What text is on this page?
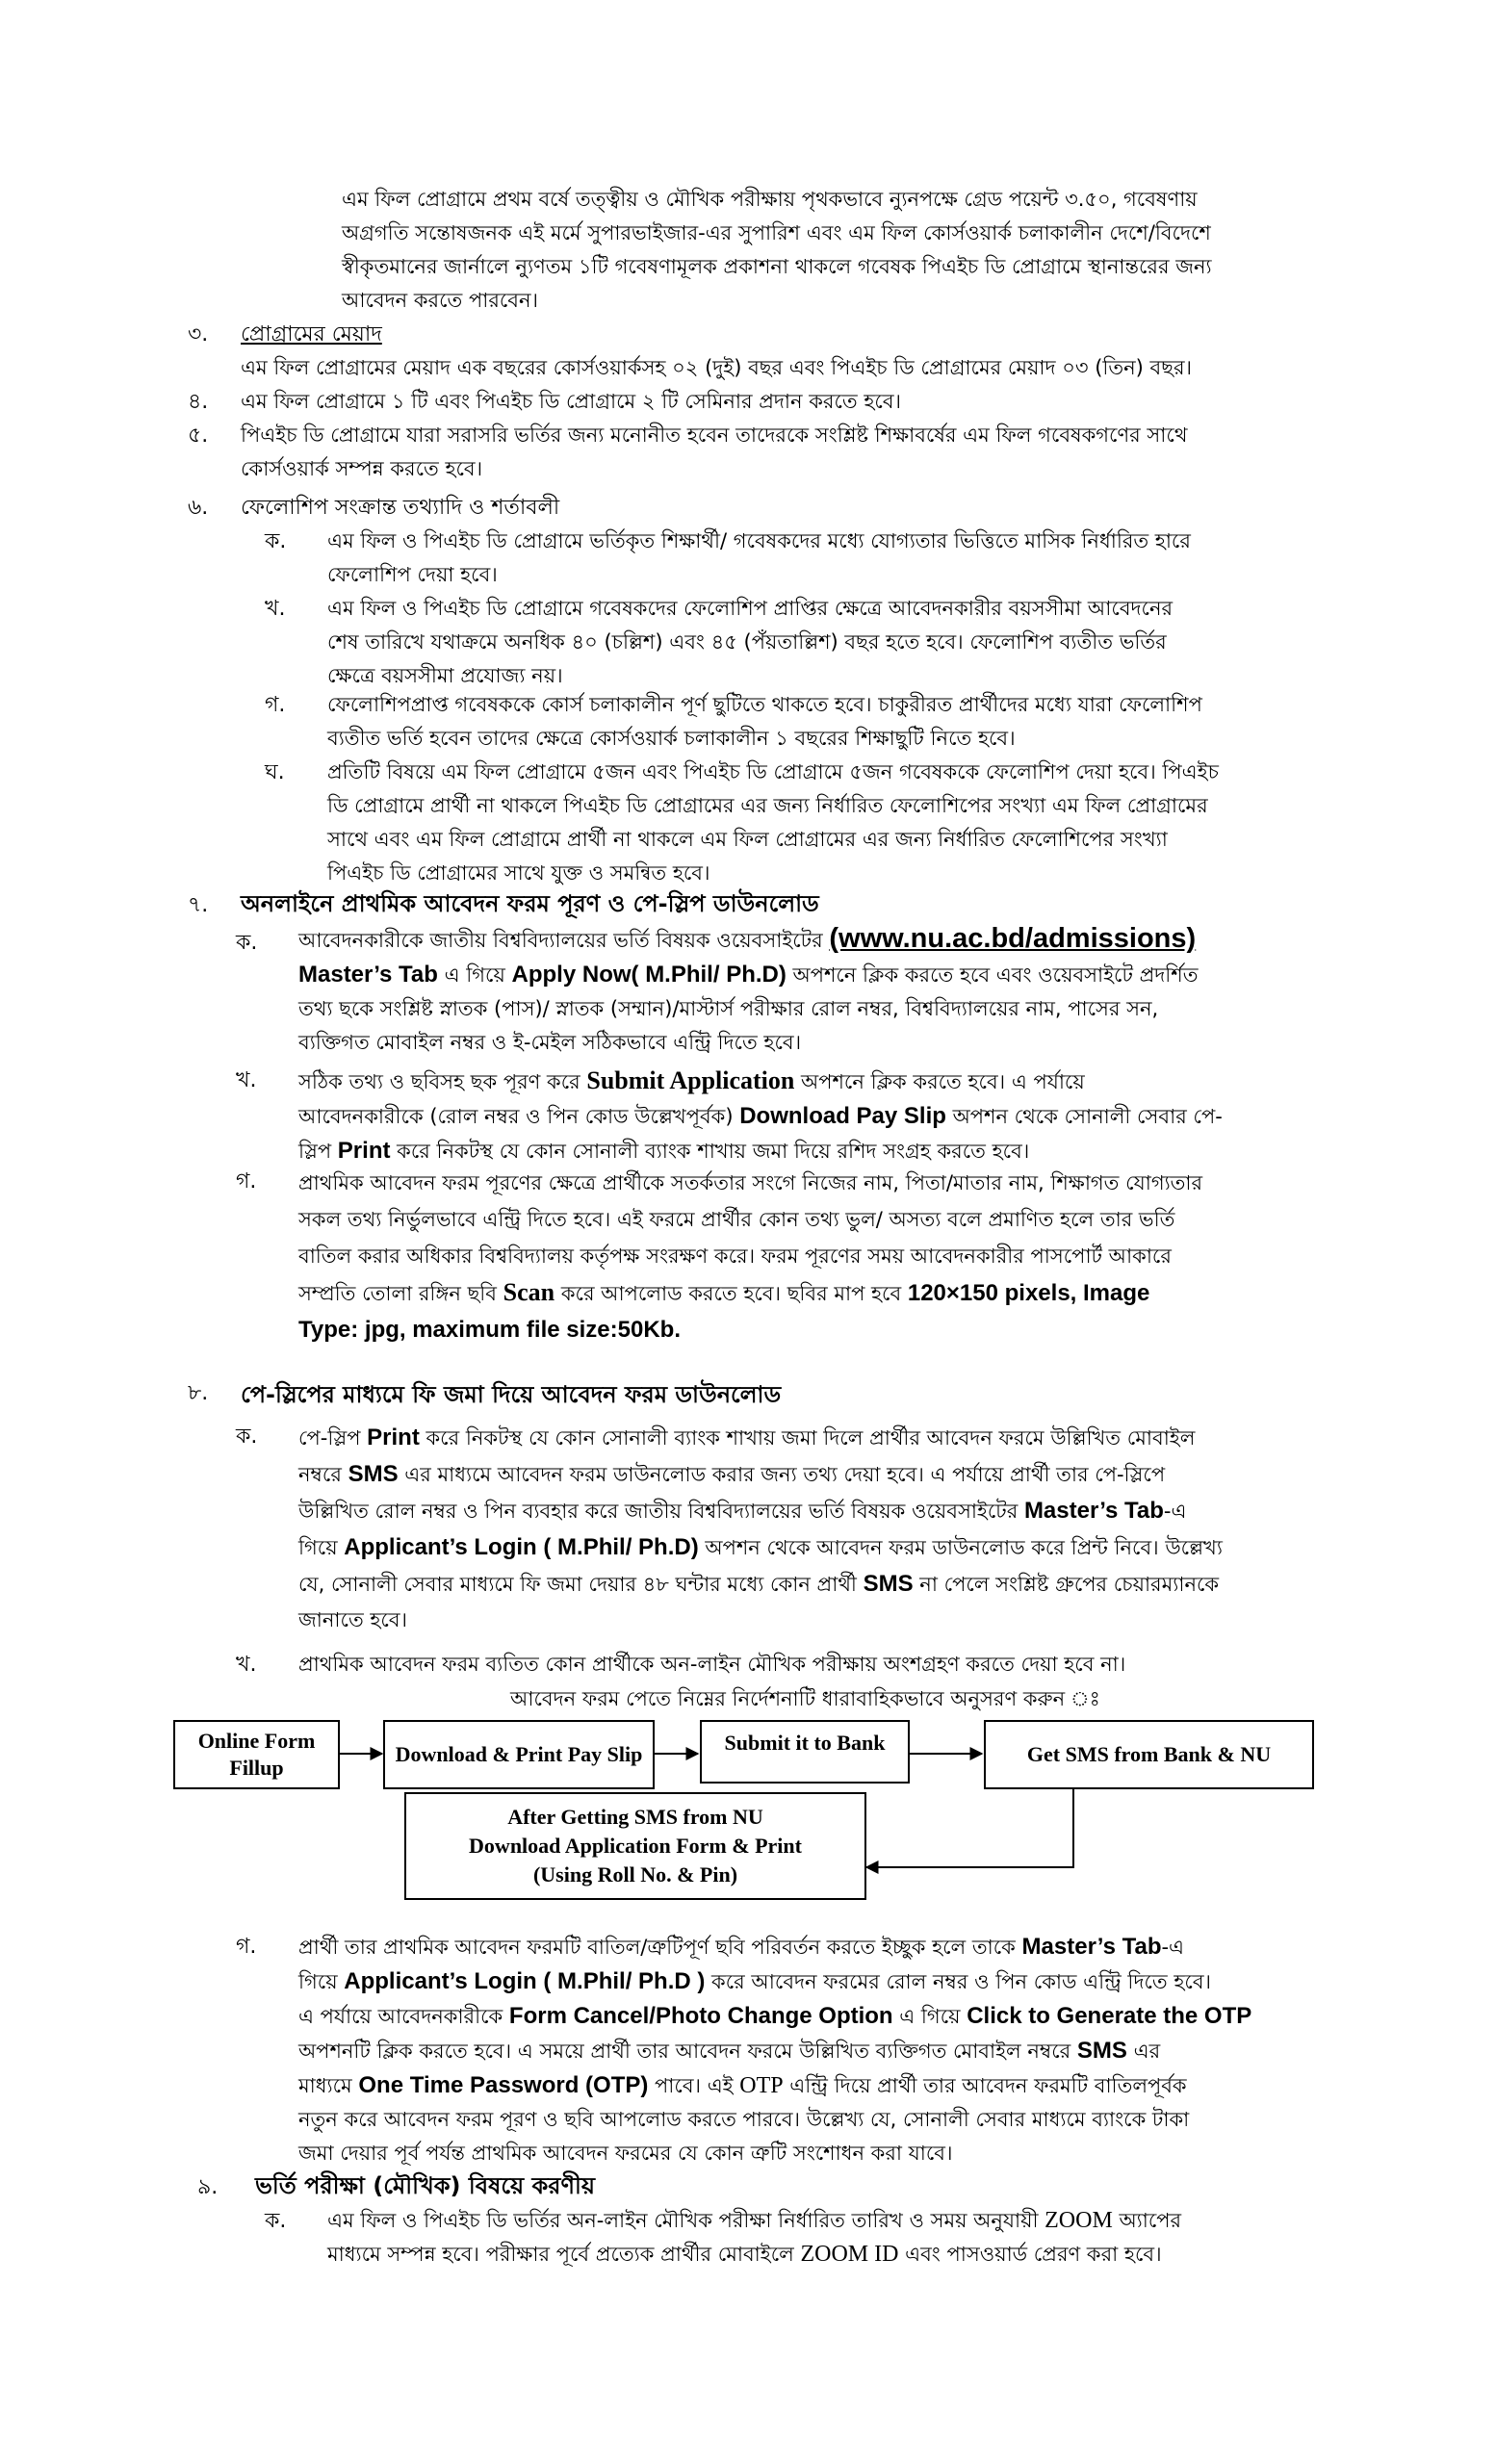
এম ফিল প্রোগ্রামে প্রথম বর্ষে তত্ত্বীয় ও মৌখিক পরীক্ষায় পৃথকভাবে ন্যুনপক্ষে গ্রেড পয়েন্ট ৩.৫০, গবেষণায়
অগ্রগতি সন্তোষজনক এই মর্মে সুপারভাইজার-এর সুপারিশ এবং এম ফিল কোর্সওয়ার্ক চলাকালীন দেশে/বিদেশে
স্বীকৃতমানের জার্নালে ন্যুণতম ১টি গবেষণামূলক প্রকাশনা থাকলে গবেষক পিএইচ ডি প্রোগ্রামে স্থানান্তরের জন্য
আবেদন করতে পারবেন।
৩. প্রোগ্রামের মেয়াদ
এম ফিল প্রোগ্রামের মেয়াদ এক বছরের কোর্সওয়ার্কসহ ০২ (দুই) বছর এবং পিএইচ ডি প্রোগ্রামের মেয়াদ ০৩ (তিন) বছর।
৪. এম ফিল প্রোগ্রামে ১ টি এবং পিএইচ ডি প্রোগ্রামে ২ টি সেমিনার প্রদান করতে হবে।
৫. পিএইচ ডি প্রোগ্রামে যারা সরাসরি ভর্তির জন্য মনোনীত হবেন তাদেরকে সংশ্লিষ্ট শিক্ষাবর্ষের এম ফিল গবেষকগণের সাথে
কোর্সওয়ার্ক সম্পন্ন করতে হবে।
৬. ফেলোশিপ সংক্রান্ত তথ্যাদি ও শর্তাবলী
ক. এম ফিল ও পিএইচ ডি প্রোগ্রামে ভর্তিকৃত শিক্ষার্থী/ গবেষকদের মধ্যে যোগ্যতার ভিত্তিতে মাসিক নির্ধারিত হারে
ফেলোশিপ দেয়া হবে।
খ. এম ফিল ও পিএইচ ডি প্রোগ্রামে গবেষকদের ফেলোশিপ প্রাপ্তির ক্ষেত্রে আবেদনকারীর বয়সসীমা আবেদনের
শেষ তারিখে যথাক্রমে অনধিক ৪০ (চল্লিশ) এবং ৪৫ (পঁয়তাল্লিশ) বছর হতে হবে। ফেলোশিপ ব্যতীত ভর্তির
ক্ষেত্রে বয়সসীমা প্রযোজ্য নয়।
গ. ফেলোশিপপ্রাপ্ত গবেষককে কোর্স চলাকালীন পূর্ণ ছুটিতে থাকতে হবে। চাকুরীরত প্রার্থীদের মধ্যে যারা ফেলোশিপ
ব্যতীত ভর্তি হবেন তাদের ক্ষেত্রে কোর্সওয়ার্ক চলাকালীন ১ বছরের শিক্ষাছুটি নিতে হবে।
ঘ. প্রতিটি বিষয়ে এম ফিল প্রোগ্রামে ৫জন এবং পিএইচ ডি প্রোগ্রামে ৫জন গবেষককে ফেলোশিপ দেয়া হবে। পিএইচ
ডি প্রোগ্রামে প্রার্থী না থাকলে পিএইচ ডি প্রোগ্রামের এর জন্য নির্ধারিত ফেলোশিপের সংখ্যা এম ফিল প্রোগ্রামের
সাথে এবং এম ফিল প্রোগ্রামে প্রার্থী না থাকলে এম ফিল প্রোগ্রামের এর জন্য নির্ধারিত ফেলোশিপের সংখ্যা
পিএইচ ডি প্রোগ্রামের সাথে যুক্ত ও সমন্বিত হবে।
৭. অনলাইনে প্রাথমিক আবেদন ফরম পূরণ ও পে-স্লিপ ডাউনলোড
ক. আবেদনকারীকে জাতীয় বিশ্ববিদ্যালয়ের ভর্তি বিষয়ক ওয়েবসাইটের (www.nu.ac.bd/admissions)
Master’s Tab এ গিয়ে Apply Now( M.Phil/ Ph.D) অপশনে ক্লিক করতে হবে এবং ওয়েবসাইটে প্রদর্শিত
তথ্য ছকে সংশ্লিষ্ট স্নাতক (পাস)/ স্নাতক (সম্মান)/মাস্টার্স পরীক্ষার রোল নম্বর, বিশ্ববিদ্যালয়ের নাম, পাসের সন,
ব্যক্তিগত মোবাইল নম্বর ও ই-মেইল সঠিকভাবে এন্ট্রি দিতে হবে।
খ. সঠিক তথ্য ও ছবিসহ ছক পূরণ করে Submit Application অপশনে ক্লিক করতে হবে। এ পর্যায়ে
আবেদনকারীকে (রোল নম্বর ও পিন কোড উল্লেখপূর্বক) Download Pay Slip অপশন থেকে সোনালী সেবার পে-
স্লিপ Print করে নিকটস্থ যে কোন সোনালী ব্যাংক শাখায় জমা দিয়ে রশিদ সংগ্রহ করতে হবে।
গ. প্রাথমিক আবেদন ফরম পূরণের ক্ষেত্রে প্রার্থীকে সতর্কতার সংগে নিজের নাম, পিতা/মাতার নাম, শিক্ষাগত যোগ্যতার
সকল তথ্য নির্ভুলভাবে এন্ট্রি দিতে হবে। এই ফরমে প্রার্থীর কোন তথ্য ভুল/ অসত্য বলে প্রমাণিত হলে তার ভর্তি
বাতিল করার অধিকার বিশ্ববিদ্যালয় কর্তৃপক্ষ সংরক্ষণ করে। ফরম পূরণের সময় আবেদনকারীর পাসপোর্ট আকারে
সম্প্রতি তোলা রঙ্গিন ছবি Scan করে আপলোড করতে হবে। ছবির মাপ হবে 120×150 pixels, Image
Type: jpg, maximum file size:50Kb.
৮. পে-স্লিপের মাধ্যমে ফি জমা দিয়ে আবেদন ফরম ডাউনলোড
ক. পে-স্লিপ Print করে নিকটস্থ যে কোন সোনালী ব্যাংক শাখায় জমা দিলে প্রার্থীর আবেদন ফরমে উল্লিখিত মোবাইল
নম্বরে SMS এর মাধ্যমে আবেদন ফরম ডাউনলোড করার জন্য তথ্য দেয়া হবে। এ পর্যায়ে প্রার্থী তার পে-স্লিপে
উল্লিখিত রোল নম্বর ও পিন ব্যবহার করে জাতীয় বিশ্ববিদ্যালয়ের ভর্তি বিষয়ক ওয়েবসাইটের Master’s Tab-এ
গিয়ে Applicant’s Login ( M.Phil/ Ph.D) অপশন থেকে আবেদন ফরম ডাউনলোড করে প্রিন্ট নিবে। উল্লেখ্য
যে, সোনালী সেবার মাধ্যমে ফি জমা দেয়ার ৪৮ ঘন্টার মধ্যে কোন প্রার্থী SMS না পেলে সংশ্লিষ্ট গ্রুপের চেয়ারম্যানকে
জানাতে হবে।
খ. প্রাথমিক আবেদন ফরম ব্যতিত কোন প্রার্থীকে অন-লাইন মৌখিক পরীক্ষায় অংশগ্রহণ করতে দেয়া হবে না।
আবেদন ফরম পেতে নিম্নের নির্দেশনাটি ধারাবাহিকভাবে অনুসরণ করুন ঃ
Online Form Fillup
Download & Print Pay Slip	Submit it to Bank	Get SMS from Bank & NU
After Getting SMS from NU
Download Application Form & Print
(Using Roll No. & Pin)
গ. প্রার্থী তার প্রাথমিক আবেদন ফরমটি বাতিল/ত্রুটিপূর্ণ ছবি পরিবর্তন করতে ইচ্ছুক হলে তাকে Master’s Tab-এ
গিয়ে Applicant’s Login ( M.Phil/ Ph.D ) করে আবেদন ফরমের রোল নম্বর ও পিন কোড এন্ট্রি দিতে হবে।
এ পর্যায়ে আবেদনকারীকে Form Cancel/Photo Change Option এ গিয়ে Click to Generate the OTP
অপশনটি ক্লিক করতে হবে। এ সময়ে প্রার্থী তার আবেদন ফরমে উল্লিখিত ব্যক্তিগত মোবাইল নম্বরে SMS এর
মাধ্যমে One Time Password (OTP) পাবে। এই OTP এন্ট্রি দিয়ে প্রার্থী তার আবেদন ফরমটি বাতিলপূর্বক
নতুন করে আবেদন ফরম পূরণ ও ছবি আপলোড করতে পারবে। উল্লেখ্য যে, সোনালী সেবার মাধ্যমে ব্যাংকে টাকা
জমা দেয়ার পূর্ব পর্যন্ত প্রাথমিক আবেদন ফরমের যে কোন ত্রুটি সংশোধন করা যাবে।
৯. ভর্তি পরীক্ষা (মৌখিক) বিষয়ে করণীয়
ক. এম ফিল ও পিএইচ ডি ভর্তির অন-লাইন মৌখিক পরীক্ষা নির্ধারিত তারিখ ও সময় অনুযায়ী ZOOM অ্যাপের
মাধ্যমে সম্পন্ন হবে। পরীক্ষার পূর্বে প্রত্যেক প্রার্থীর মোবাইলে ZOOM ID এবং পাসওয়ার্ড প্রেরণ করা হবে।
